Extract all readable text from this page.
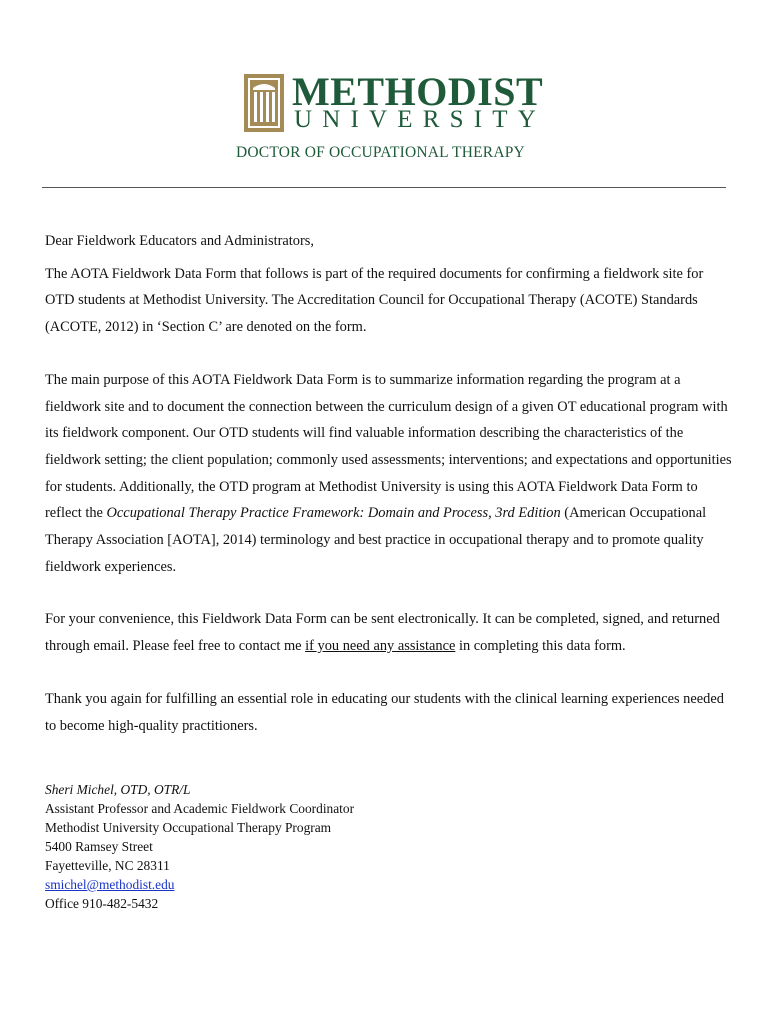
METHODIST
UNIVERSITY
DOCTOR OF OCCUPATIONAL THERAPY

Dear Fieldwork Educators and Administrators,

The AOTA Fieldwork Data Form that follows is part of the required documents for confirming a fieldwork site for OTD students at Methodist University. The Accreditation Council for Occupational Therapy (ACOTE) Standards (ACOTE, 2012) in ‘Section C’ are denoted on the form.

The main purpose of this AOTA Fieldwork Data Form is to summarize information regarding the program at a fieldwork site and to document the connection between the curriculum design of a given OT educational program with its fieldwork component. Our OTD students will find valuable information describing the characteristics of the fieldwork setting; the client population; commonly used assessments; interventions; and expectations and opportunities for students. Additionally, the OTD program at Methodist University is using this AOTA Fieldwork Data Form to reflect the Occupational Therapy Practice Framework: Domain and Process, 3rd Edition (American Occupational Therapy Association [AOTA], 2014) terminology and best practice in occupational therapy and to promote quality fieldwork experiences.

For your convenience, this Fieldwork Data Form can be sent electronically. It can be completed, signed, and returned through email. Please feel free to contact me if you need any assistance in completing this data form.

Thank you again for fulfilling an essential role in educating our students with the clinical learning experiences needed to become high-quality practitioners.

Sheri Michel, OTD, OTR/L
Assistant Professor and Academic Fieldwork Coordinator
Methodist University Occupational Therapy Program
5400 Ramsey Street
Fayetteville, NC 28311
smichel@methodist.edu
Office 910-482-5432
